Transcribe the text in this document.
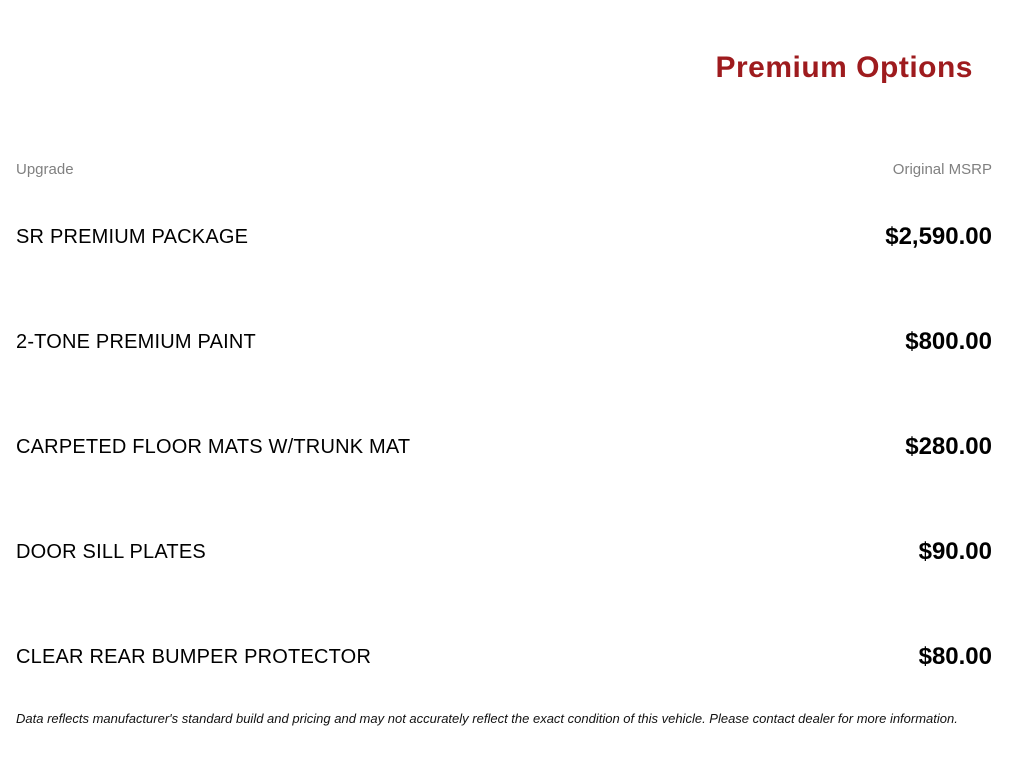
Premium Options
Upgrade	Original MSRP
SR PREMIUM PACKAGE	$2,590.00
2-TONE PREMIUM PAINT	$800.00
CARPETED FLOOR MATS W/TRUNK MAT	$280.00
DOOR SILL PLATES	$90.00
CLEAR REAR BUMPER PROTECTOR	$80.00
Data reflects manufacturer's standard build and pricing and may not accurately reflect the exact condition of this vehicle. Please contact dealer for more information.
